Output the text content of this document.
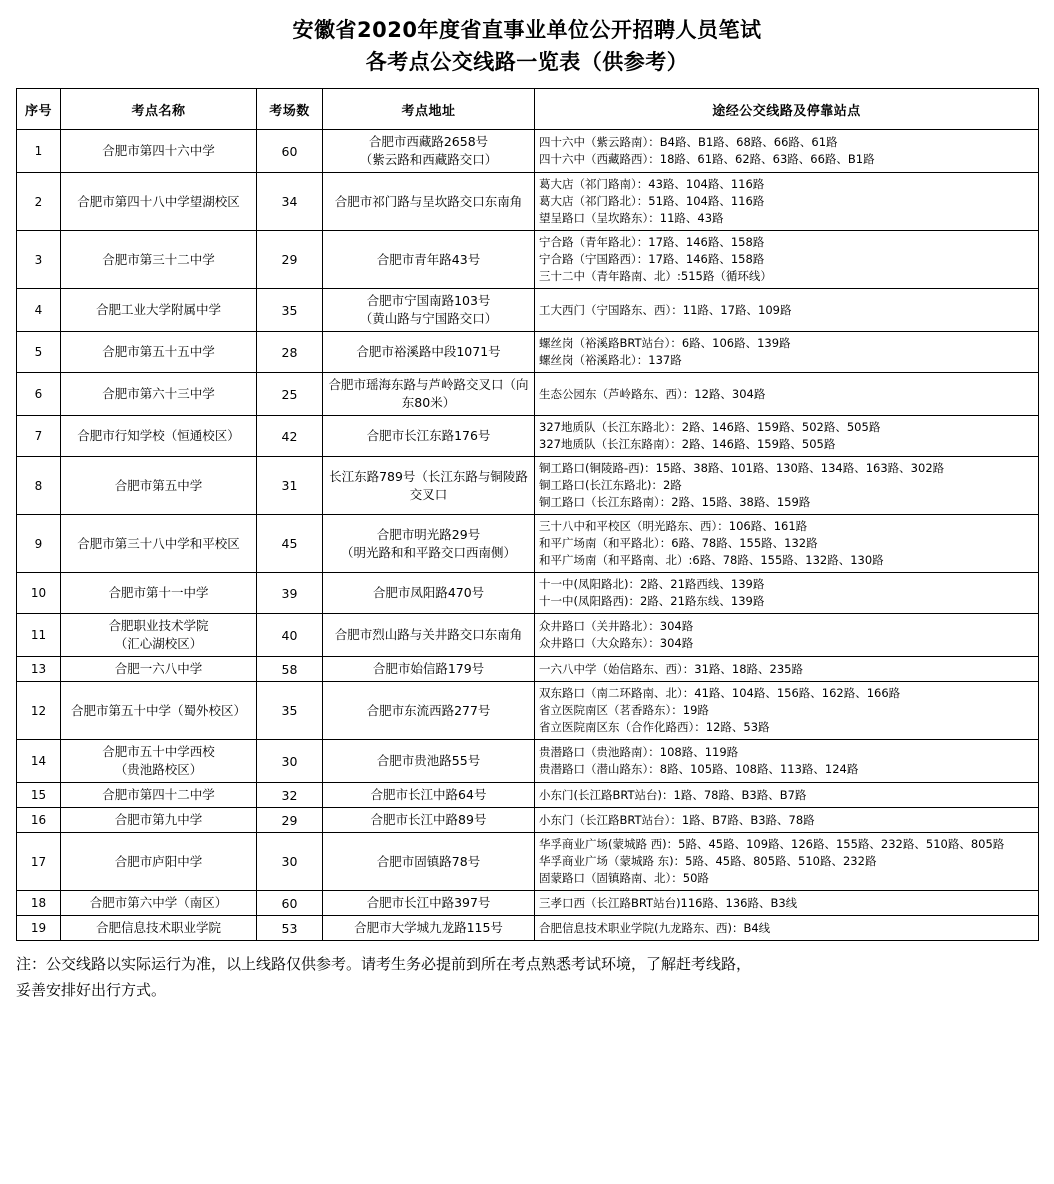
安徽省2020年度省直事业单位公开招聘人员笔试
各考点公交线路一览表（供参考）
序号	考点名称	考场数	考点地址	途经公交线路及停靠站点
1	合肥市第四十六中学	60	合肥市西藏路2658号
（紫云路和西藏路交口）	四十六中（紫云路南）：B4路、B1路、68路、66路、61路
四十六中（西藏路西）：18路、61路、62路、63路、66路、B1路

2	合肥市第四十八中学望湖校区	34	合肥市祁门路与呈坎路交口东南角	葛大店（祁门路南）：43路、104路、116路
葛大店（祁门路北）：51路、104路、116路
望呈路口（呈坎路东）：11路、43路

3	合肥市第三十二中学	29	合肥市青年路43号	宁合路（青年路北）：17路、146路、158路
宁合路（宁国路西）：17路、146路、158路
三十二中（青年路南、北）:515路（循环线）

4	合肥工业大学附属中学	35	合肥市宁国南路103号
（黄山路与宁国路交口）	工大西门（宁国路东、西）：11路、17路、109路

5	合肥市第五十五中学	28	合肥市裕溪路中段1071号	螺丝岗（裕溪路BRT站台）：6路、106路、139路
螺丝岗（裕溪路北）：137路

6	合肥市第六十三中学	25	合肥市瑶海东路与芦岭路交叉口（向东80米）	生态公园东（芦岭路东、西）：12路、304路

7	合肥市行知学校（恒通校区）	42	合肥市长江东路176号	327地质队（长江东路北）：2路、146路、159路、502路、505路
327地质队（长江东路南）：2路、146路、159路、505路

8	合肥市第五中学	31	长江东路789号（长江东路与铜陵路交叉口	铜工路口(铜陵路-西)：15路、38路、101路、130路、134路、163路、302路
铜工路口(长江东路北)：2路
铜工路口（长江东路南）：2路、15路、38路、159路

9	合肥市第三十八中学和平校区	45	合肥市明光路29号
（明光路和和平路交口西南侧）	三十八中和平校区（明光路东、西）：106路、161路
和平广场南（和平路北）：6路、78路、155路、132路
和平广场南（和平路南、北）:6路、78路、155路、132路、130路

10	合肥市第十一中学	39	合肥市凤阳路470号	十一中(凤阳路北)：2路、21路西线、139路
十一中(凤阳路西)：2路、21路东线、139路

11	合肥职业技术学院
（汇心湖校区）	40	合肥市烈山路与关井路交口东南角	众井路口（关井路北）：304路
众井路口（大众路东）：304路

13	合肥一六八中学	58	合肥市始信路179号	一六八中学（始信路东、西）：31路、18路、235路

12	合肥市第五十中学（蜀外校区）	35	合肥市东流西路277号	双东路口（南二环路南、北）：41路、104路、156路、162路、166路
省立医院南区（茗香路东）：19路
省立医院南区东（合作化路西）：12路、53路

14	合肥市五十中学西校
（贵池路校区）	30	合肥市贵池路55号	贵潜路口（贵池路南）：108路、119路
贵潜路口（潜山路东）：8路、105路、108路、113路、124路

15	合肥市第四十二中学	32	合肥市长江中路64号	小东门(长江路BRT站台)：1路、78路、B3路、B7路

16	合肥市第九中学	29	合肥市长江中路89号	小东门（长江路BRT站台）：1路、B7路、B3路、78路

17	合肥市庐阳中学	30	合肥市固镇路78号	华孚商业广场(蒙城路 西)：5路、45路、109路、126路、155路、232路、510路、805路
华孚商业广场（蒙城路 东)：5路、45路、805路、510路、232路
固蒙路口（固镇路南、北）：50路

18	合肥市第六中学（南区）	60	合肥市长江中路397号	三孝口西（长江路BRT站台)116路、136路、B3线

19	合肥信息技术职业学院	53	合肥市大学城九龙路115号	合肥信息技术职业学院(九龙路东、西)：B4线
注：公交线路以实际运行为准，以上线路仅供参考。请考生务必提前到所在考点熟悉考试环境，了解赶考线路，
妥善安排好出行方式。
